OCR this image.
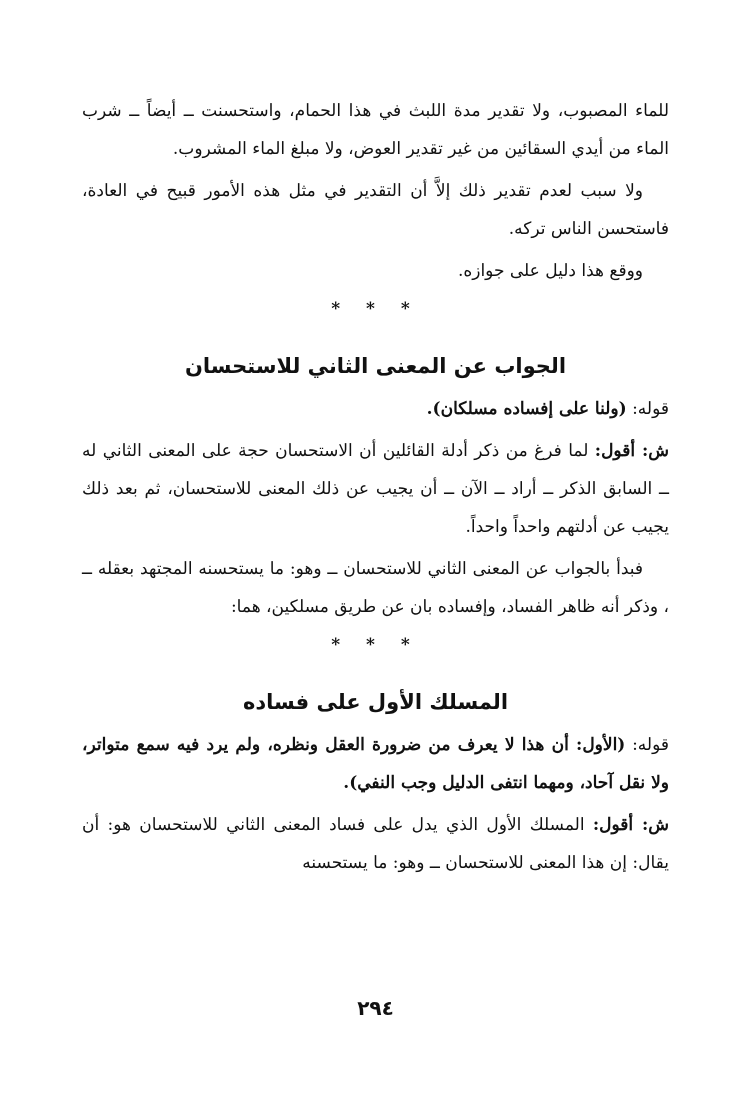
للماء المصبوب، ولا تقدير مدة اللبث في هذا الحمام، واستحسنت ــ أيضاً ــ شرب الماء من أيدي السقائين من غير تقدير العوض، ولا مبلغ الماء المشروب.

ولا سبب لعدم تقدير ذلك إلاَّ أن التقدير في مثل هذه الأمور قبيح في العادة، فاستحسن الناس تركه.

ووقع هذا دليل على جوازه.

* * *
الجواب عن المعنى الثاني للاستحسان

قوله: (ولنا على إفساده مسلكان).

ش: أقول: لما فرغ من ذكر أدلة القائلين أن الاستحسان حجة على المعنى الثاني له ــ السابق الذكر ــ أراد ــ الآن ــ أن يجيب عن ذلك المعنى للاستحسان، ثم بعد ذلك يجيب عن أدلتهم واحداً واحداً.

فبدأ بالجواب عن المعنى الثاني للاستحسان ــ وهو: ما يستحسنه المجتهد بعقله ــ ، وذكر أنه ظاهر الفساد، وإفساده بان عن طريق مسلكين، هما:

* * *
المسلك الأول على فساده

قوله: (الأول: أن هذا لا يعرف من ضرورة العقل ونظره، ولم يرد فيه سمع متواتر، ولا نقل آحاد، ومهما انتفى الدليل وجب النفي).

ش: أقول: المسلك الأول الذي يدل على فساد المعنى الثاني للاستحسان هو: أن يقال: إن هذا المعنى للاستحسان ــ وهو: ما يستحسنه

٢٩٤
